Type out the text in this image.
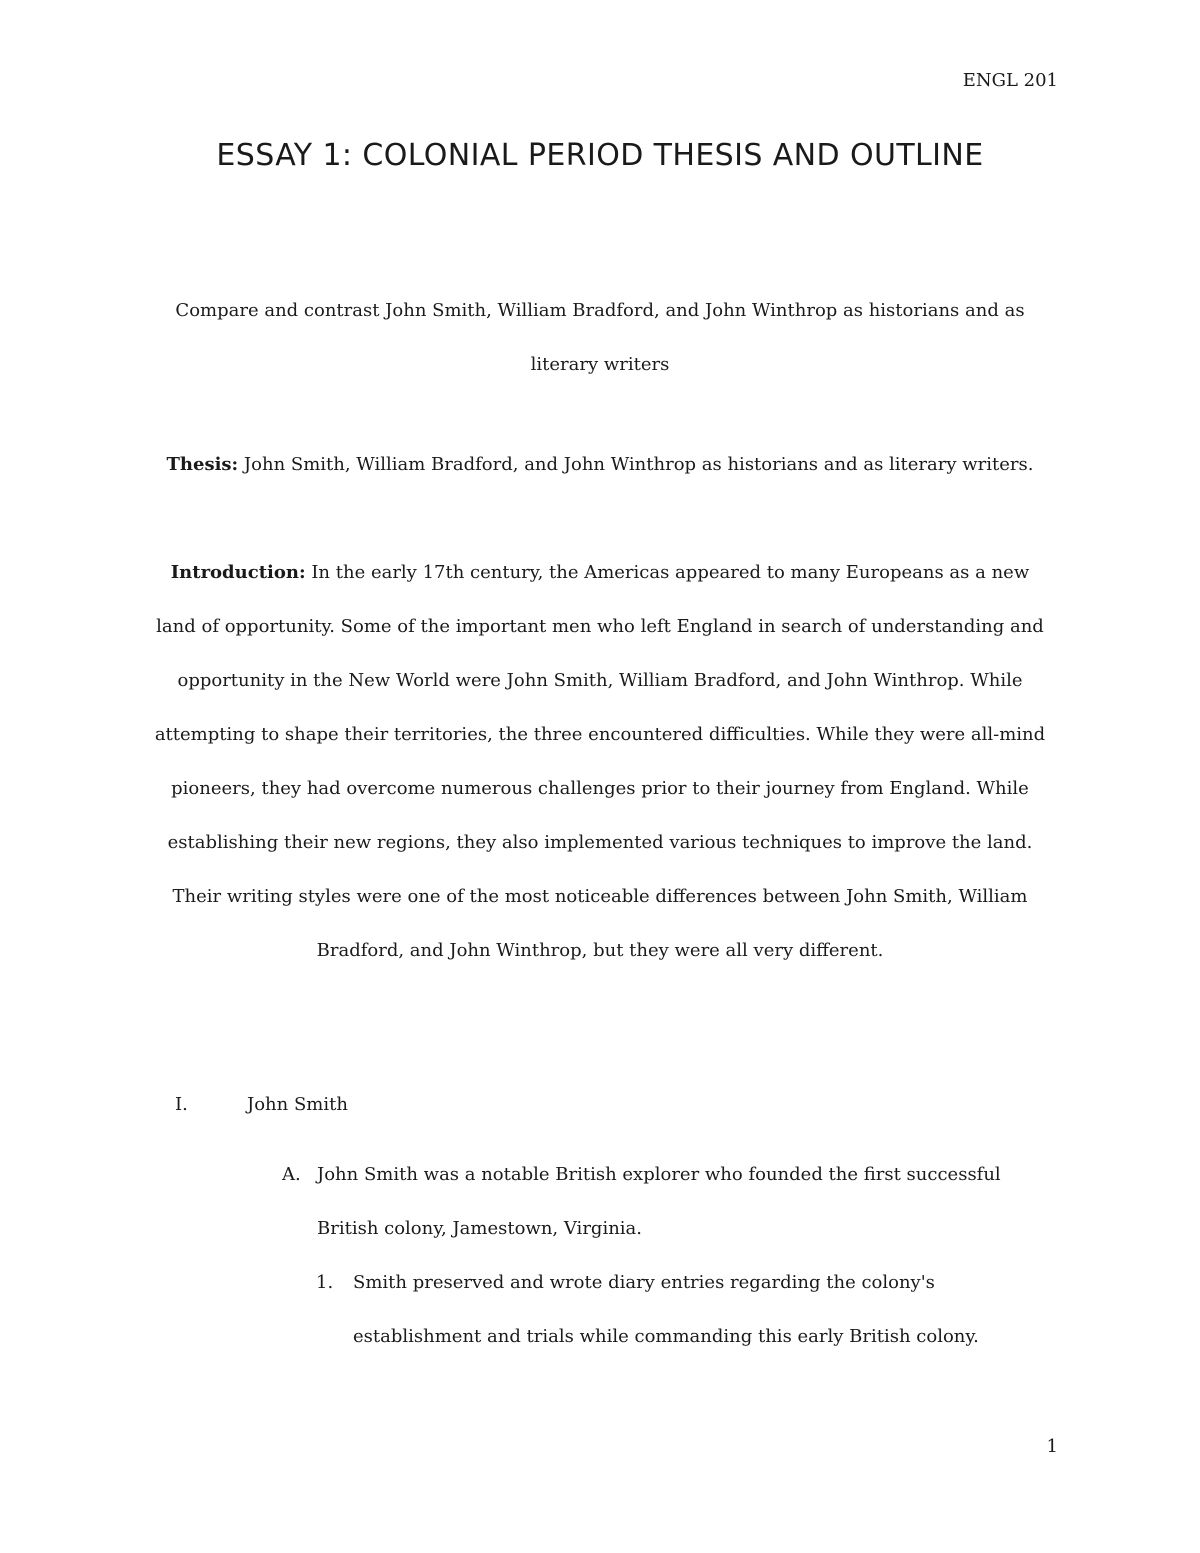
ENGL 201
ESSAY 1: COLONIAL PERIOD THESIS AND OUTLINE
Compare and contrast John Smith, William Bradford, and John Winthrop as historians and as
literary writers
Thesis: John Smith, William Bradford, and John Winthrop as historians and as literary writers.
Introduction: In the early 17th century, the Americas appeared to many Europeans as a new
land of opportunity. Some of the important men who left England in search of understanding and
opportunity in the New World were John Smith, William Bradford, and John Winthrop. While
attempting to shape their territories, the three encountered difficulties. While they were all-mind
pioneers, they had overcome numerous challenges prior to their journey from England. While
establishing their new regions, they also implemented various techniques to improve the land.
Their writing styles were one of the most noticeable differences between John Smith, William
Bradford, and John Winthrop, but they were all very different.
I.	John Smith
A. John Smith was a notable British explorer who founded the first successful
British colony, Jamestown, Virginia.
1. Smith preserved and wrote diary entries regarding the colony's
establishment and trials while commanding this early British colony.
1
